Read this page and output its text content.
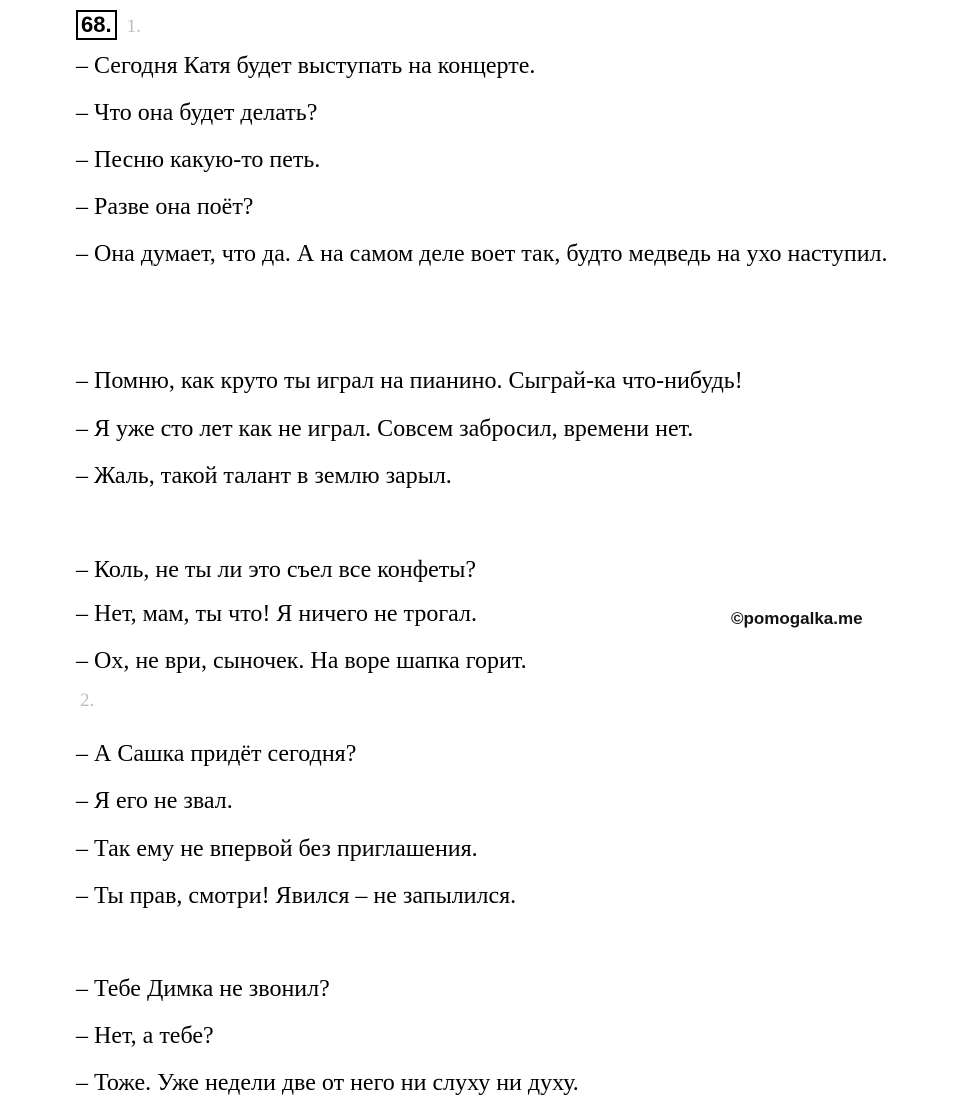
68. 1.
– Сегодня Катя будет выступать на концерте.
– Что она будет делать?
– Песню какую-то петь.
– Разве она поёт?
– Она думает, что да. А на самом деле воет так, будто медведь на ухо наступил.
– Помню, как круто ты играл на пианино. Сыграй-ка что-нибудь!
– Я уже сто лет как не играл. Совсем забросил, времени нет.
– Жаль, такой талант в землю зарыл.
– Коль, не ты ли это съел все конфеты?
– Нет, мам, ты что! Я ничего не трогал.
– Ох, не ври, сыночек. На воре шапка горит.
©pomogalka.me
2.
– А Сашка придёт сегодня?
– Я его не звал.
– Так ему не впервой без приглашения.
– Ты прав, смотри! Явился – не запылился.
– Тебе Димка не звонил?
– Нет, а тебе?
– Тоже. Уже недели две от него ни слуху ни духу.
